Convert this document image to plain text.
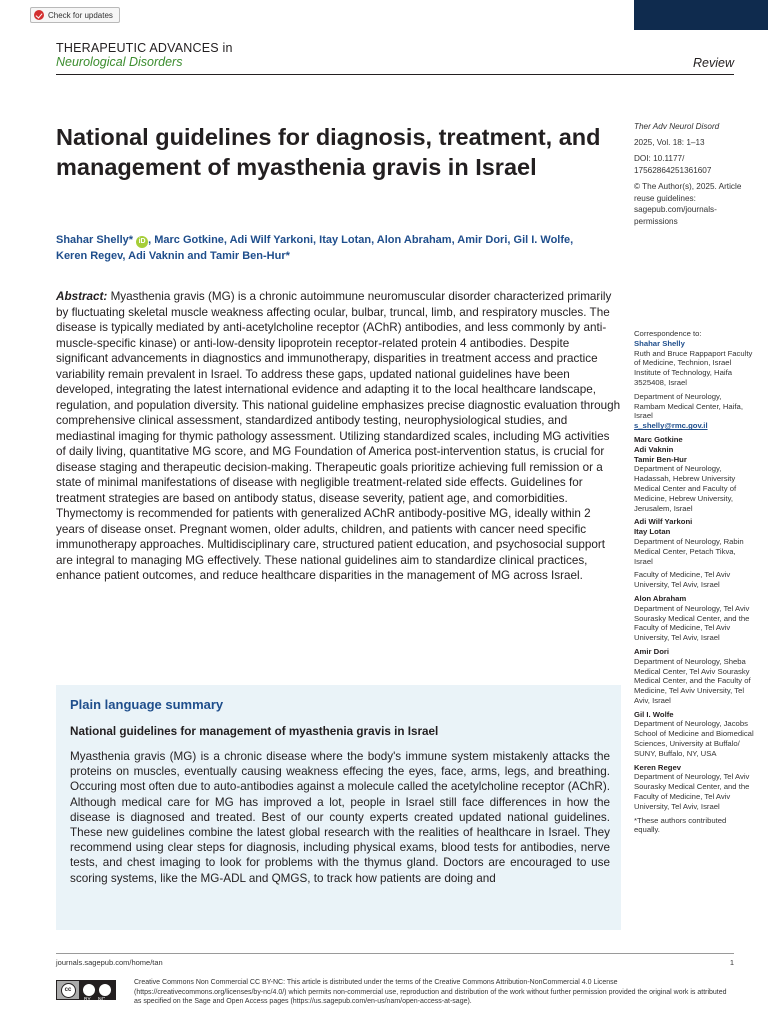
Check for updates
THERAPEUTIC ADVANCES in
Neurological Disorders	Review
National guidelines for diagnosis, treatment, and management of myasthenia gravis in Israel
Ther Adv Neurol Disord
2025, Vol. 18: 1–13
DOI: 10.1177/ 17562864251361607
© The Author(s), 2025. Article reuse guidelines: sagepub.com/journals- permissions
Shahar Shelly* iD , Marc Gotkine, Adi Wilf Yarkoni, Itay Lotan, Alon Abraham, Amir Dori, Gil I. Wolfe, Keren Regev, Adi Vaknin and Tamir Ben-Hur*
Abstract: Myasthenia gravis (MG) is a chronic autoimmune neuromuscular disorder characterized primarily by fluctuating skeletal muscle weakness affecting ocular, bulbar, truncal, limb, and respiratory muscles. The disease is typically mediated by anti-acetylcholine receptor (AChR) antibodies, and less commonly by anti-muscle-specific kinase) or anti-low-density lipoprotein receptor-related protein 4 antibodies. Despite significant advancements in diagnostics and immunotherapy, disparities in treatment access and practice variability remain prevalent in Israel. To address these gaps, updated national guidelines have been developed, integrating the latest international evidence and adapting it to the local healthcare landscape, regulation, and population diversity. This national guideline emphasizes precise diagnostic evaluation through comprehensive clinical assessment, standardized antibody testing, neurophysiological studies, and mediastinal imaging for thymic pathology assessment. Utilizing standardized scales, including MG activities of daily living, quantitative MG score, and MG Foundation of America post-intervention status, is crucial for disease staging and therapeutic decision-making. Therapeutic goals prioritize achieving full remission or a state of minimal manifestations of disease with negligible treatment-related side effects. Guidelines for treatment strategies are based on antibody status, disease severity, patient age, and comorbidities. Thymectomy is recommended for patients with generalized AChR antibody-positive MG, ideally within 2 years of disease onset. Pregnant women, older adults, children, and patients with cancer need specific immunotherapy approaches. Multidisciplinary care, structured patient education, and psychosocial support are integral to managing MG effectively. These national guidelines aim to standardize clinical practices, enhance patient outcomes, and reduce healthcare disparities in the management of MG across Israel.
Correspondence to:
Shahar Shelly
Ruth and Bruce Rappaport Faculty of Medicine, Technion, Israel Institute of Technology, Haifa 3525408, Israel
Department of Neurology, Rambam Medical Center, Haifa, Israel
s_shelly@rmc.gov.il
Marc Gotkine
Adi Vaknin
Tamir Ben-Hur
Department of Neurology, Hadassah, Hebrew University Medical Center and Faculty of Medicine, Hebrew University, Jerusalem, Israel
Adi Wilf Yarkoni
Itay Lotan
Department of Neurology, Rabin Medical Center, Petach Tikva, Israel
Faculty of Medicine, Tel Aviv University, Tel Aviv, Israel
Alon Abraham
Department of Neurology, Tel Aviv Sourasky Medical Center, and the Faculty of Medicine, Tel Aviv University, Tel Aviv, Israel
Amir Dori
Department of Neurology, Sheba Medical Center, Tel Aviv Sourasky Medical Center, and the Faculty of Medicine, Tel Aviv University, Tel Aviv, Israel
Gil I. Wolfe
Department of Neurology, Jacobs School of Medicine and Biomedical Sciences, University at Buffalo/ SUNY, Buffalo, NY, USA
Keren Regev
Department of Neurology, Tel Aviv Sourasky Medical Center, and the Faculty of Medicine, Tel Aviv University, Tel Aviv, Israel
*These authors contributed equally.
Plain language summary
National guidelines for management of myasthenia gravis in Israel
Myasthenia gravis (MG) is a chronic disease where the body's immune system mistakenly attacks the proteins on muscles, eventually causing weakness effecing the eyes, face, arms, legs, and breathing. Occuring most often due to auto-antibodies against a molecule called the acetylcholine receptor (AChR). Although medical care for MG has improved a lot, people in Israel still face differences in how the disease is diagnosed and treated. Best of our county experts created updated national guidelines. These new guidelines combine the latest global research with the realities of healthcare in Israel. They recommend using clear steps for diagnosis, including physical exams, blood tests for antibodies, nerve tests, and chest imaging to look for problems with the thymus gland. Doctors are encouraged to use scoring systems, like the MG-ADL and QMGS, to track how patients are doing and
journals.sagepub.com/home/tan	1
cc
BY NC
Creative Commons Non Commercial CC BY-NC: This article is distributed under the terms of the Creative Commons Attribution-NonCommercial 4.0 License (https://creativecommons.org/licenses/by-nc/4.0/) which permits non-commercial use, reproduction and distribution of the work without further permission provided the original work is attributed as specified on the Sage and Open Access pages (https://us.sagepub.com/en-us/nam/open-access-at-sage).
